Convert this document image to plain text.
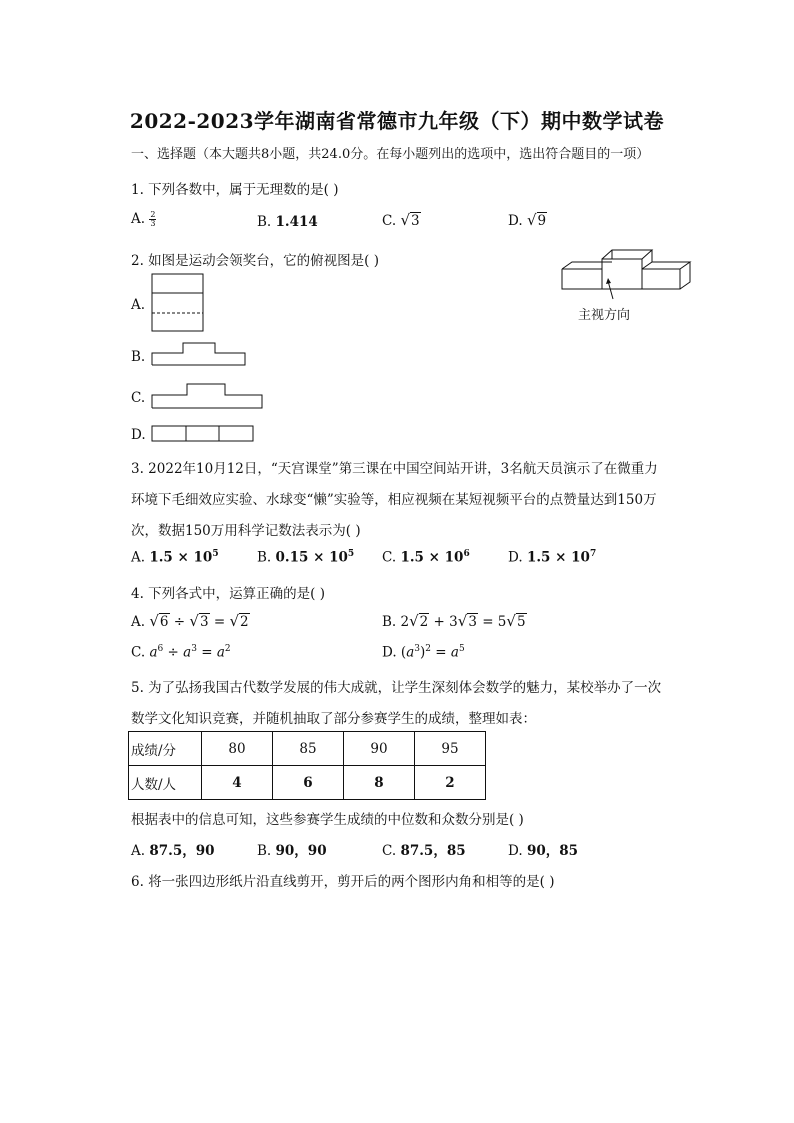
2022-2023学年湖南省常德市九年级（下）期中数学试卷
一、选择题（本大题共8小题，共24.0分。在每小题列出的选项中，选出符合题目的一项）
1. 下列各数中，属于无理数的是( )
A. $\frac{2}{3}$	B. 1.414	C. √3	D. √9
2. 如图是运动会领奖台，它的俯视图是( )
主视方向
A.
B.
C.
D.
3. 2022年10月12日，“天宫课堂”第三课在中国空间站开讲，3名航天员演示了在微重力
环境下毛细效应实验、水球变“懒”实验等，相应视频在某短视频平台的点赞量达到150万
次，数据150万用科学记数法表示为( )
A. $1.5 \times 10^5$	B. $0.15 \times 10^5$ C. $1.5 \times 10^6$	D. $1.5 \times 10^7$
4. 下列各式中，运算正确的是( )
A. √6 ÷ √3 = √2	B. 2√2 + 3√3 = 5√5
C. $a^6 \div a^3 = a^2$	D. $(a^3)^2 = a^5$
5. 为了弘扬我国古代数学发展的伟大成就，让学生深刻体会数学的魅力，某校举办了一次
数学文化知识竞赛，并随机抽取了部分参赛学生的成绩，整理如表：
成绩/分	80	85	90	95
人数/人	4	6	8	2
根据表中的信息可知，这些参赛学生成绩的中位数和众数分别是( )
A. 87.5，90	B. 90，90	C. 87.5，85	D. 90，85
6. 将一张四边形纸片沿直线剪开，剪开后的两个图形内角和相等的是( )
